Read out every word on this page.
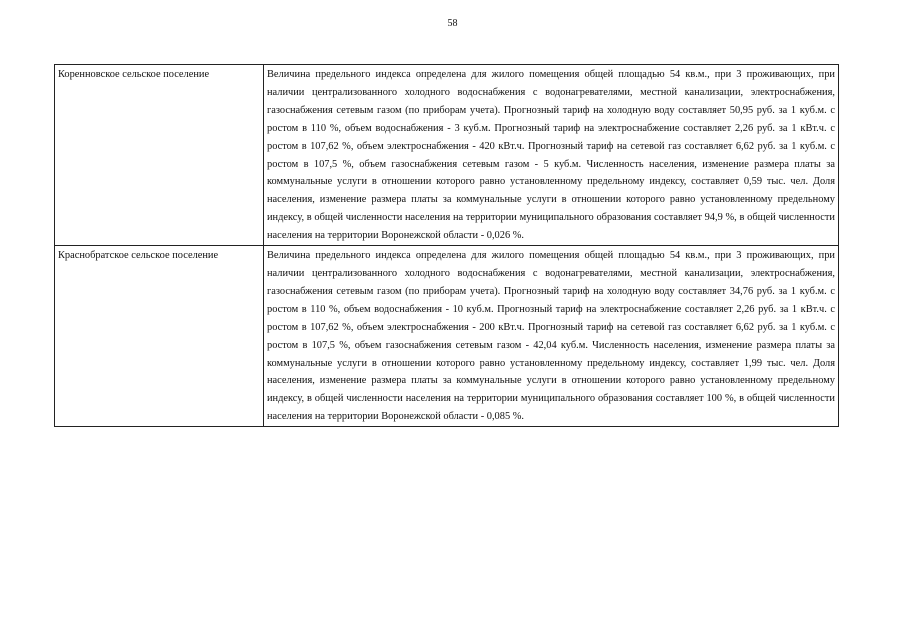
58
Коренновское сельское поселение	Величина предельного индекса определена для жилого помещения общей площадью 54 кв.м., при 3 проживающих, при наличии централизованного холодного водоснабжения с водонагревателями, местной канализации, электроснабжения, газоснабжения сетевым газом (по приборам учета). Прогнозный тариф на холодную воду составляет 50,95 руб. за 1 куб.м. с ростом в 110 %, объем водоснабжения - 3 куб.м. Прогнозный тариф на электроснабжение составляет 2,26 руб. за 1 кВт.ч. с ростом в 107,62 %, объем электроснабжения - 420 кВт.ч. Прогнозный тариф на сетевой газ составляет 6,62 руб. за 1 куб.м. с ростом в 107,5 %, объем газоснабжения сетевым газом - 5 куб.м. Численность населения, изменение размера платы за коммунальные услуги в отношении которого равно установленному предельному индексу, составляет 0,59 тыс. чел. Доля населения, изменение размера платы за коммунальные услуги в отношении которого равно установленному предельному индексу, в общей численности населения на территории муниципального образования составляет 94,9 %, в общей численности населения на территории Воронежской области - 0,026 %.
Краснобратское сельское поселение	Величина предельного индекса определена для жилого помещения общей площадью 54 кв.м., при 3 проживающих, при наличии централизованного холодного водоснабжения с водонагревателями, местной канализации, электроснабжения, газоснабжения сетевым газом (по приборам учета). Прогнозный тариф на холодную воду составляет 34,76 руб. за 1 куб.м. с ростом в 110 %, объем водоснабжения - 10 куб.м. Прогнозный тариф на электроснабжение составляет 2,26 руб. за 1 кВт.ч. с ростом в 107,62 %, объем электроснабжения - 200 кВт.ч. Прогнозный тариф на сетевой газ составляет 6,62 руб. за 1 куб.м. с ростом в 107,5 %, объем газоснабжения сетевым газом - 42,04 куб.м. Численность населения, изменение размера платы за коммунальные услуги в отношении которого равно установленному предельному индексу, составляет 1,99 тыс. чел. Доля населения, изменение размера платы за коммунальные услуги в отношении которого равно установленному предельному индексу, в общей численности населения на территории муниципального образования составляет 100 %, в общей численности населения на территории Воронежской области - 0,085 %.
